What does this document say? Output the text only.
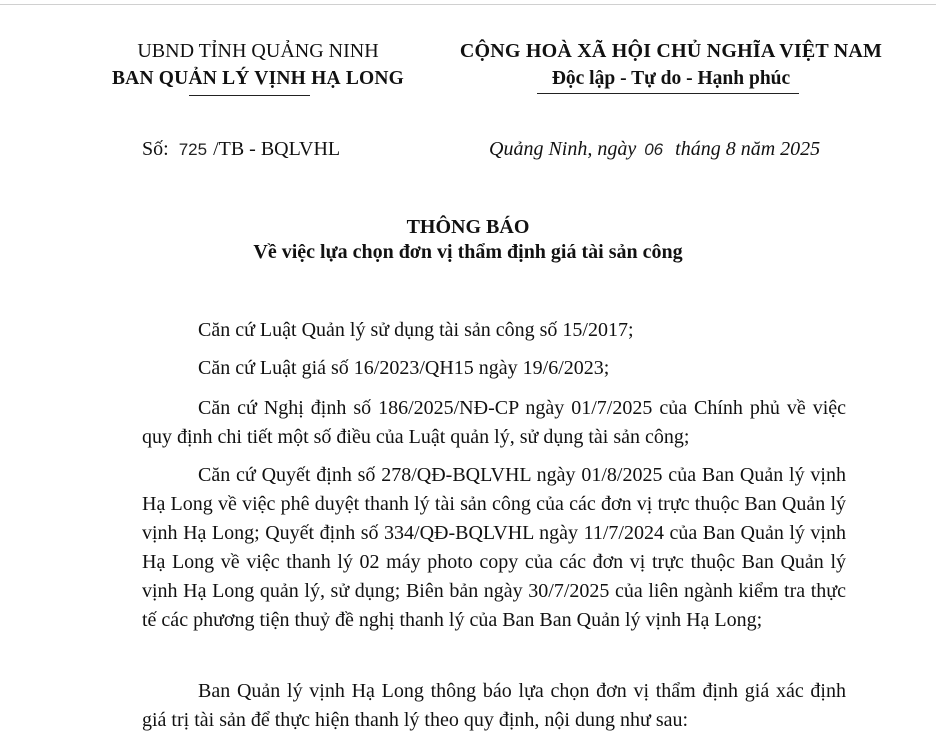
UBND TỈNH QUẢNG NINH
BAN QUẢN LÝ VỊNH HẠ LONG
CỘNG HOÀ XÃ HỘI CHỦ NGHĨA VIỆT NAM
Độc lập - Tự do - Hạnh phúc
Số: 725 /TB - BQLVHL	Quảng Ninh, ngày 06 tháng 8 năm 2025
THÔNG BÁO
Về việc lựa chọn đơn vị thẩm định giá tài sản công
Căn cứ Luật Quản lý sử dụng tài sản công số 15/2017;
Căn cứ Luật giá số 16/2023/QH15 ngày 19/6/2023;
Căn cứ Nghị định số 186/2025/NĐ-CP ngày 01/7/2025 của Chính phủ về việc quy định chi tiết một số điều của Luật quản lý, sử dụng tài sản công;
Căn cứ Quyết định số 278/QĐ-BQLVHL ngày 01/8/2025 của Ban Quản lý vịnh Hạ Long về việc phê duyệt thanh lý tài sản công của các đơn vị trực thuộc Ban Quản lý vịnh Hạ Long; Quyết định số 334/QĐ-BQLVHL ngày 11/7/2024 của Ban Quản lý vịnh Hạ Long về việc thanh lý 02 máy photo copy của các đơn vị trực thuộc Ban Quản lý vịnh Hạ Long quản lý, sử dụng; Biên bản ngày 30/7/2025 của liên ngành kiểm tra thực tế các phương tiện thuỷ đề nghị thanh lý của Ban Ban Quản lý vịnh Hạ Long;
Ban Quản lý vịnh Hạ Long thông báo lựa chọn đơn vị thẩm định giá xác định giá trị tài sản để thực hiện thanh lý theo quy định, nội dung như sau:
